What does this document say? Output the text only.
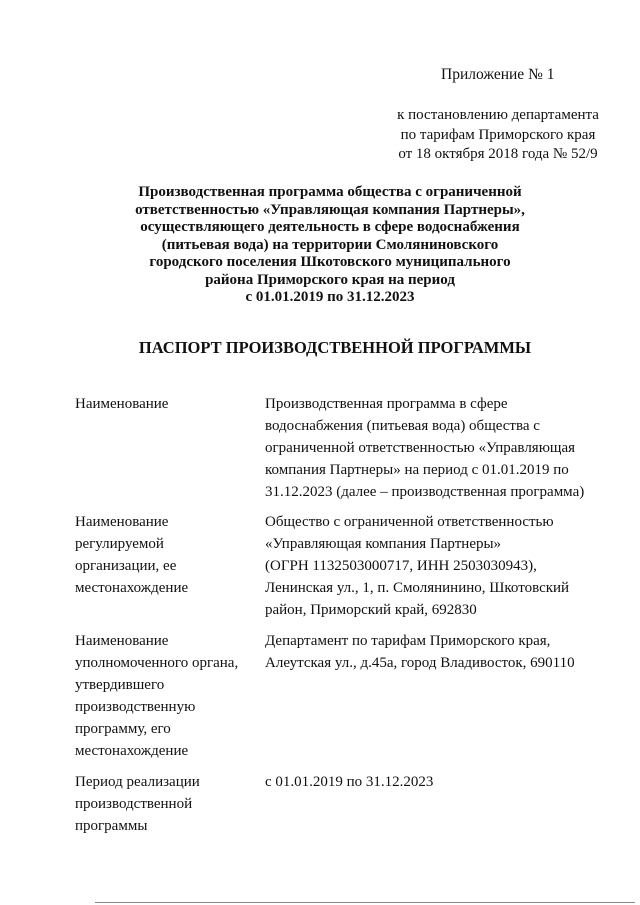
Приложение № 1
к постановлению департамента
по тарифам Приморского края
от 18 октября 2018 года № 52/9
Производственная программа общества с ограниченной
ответственностью «Управляющая компания Партнеры»,
осуществляющего деятельность в сфере водоснабжения
(питьевая вода) на территории Смоляниновского
городского поселения Шкотовского муниципального
района Приморского края на период
с 01.01.2019 по 31.12.2023
ПАСПОРТ ПРОИЗВОДСТВЕННОЙ ПРОГРАММЫ
Наименование	Производственная программа в сфере
водоснабжения (питьевая вода) общества с
ограниченной ответственностью «Управляющая
компания Партнеры» на период с 01.01.2019 по
31.12.2023 (далее – производственная программа)
Наименование
регулируемой
организации, ее
местонахождение
Общество с ограниченной ответственностью
«Управляющая компания Партнеры»
(ОГРН 1132503000717, ИНН 2503030943),
Ленинская ул., 1, п. Смолянинино, Шкотовский
район, Приморский край, 692830
Наименование
уполномоченного органа,
утвердившего
производственную
программу, его
местонахождение
Департамент по тарифам Приморского края,
Алеутская ул., д.45а, город Владивосток, 690110
Период реализации
производственной
программы
с 01.01.2019 по 31.12.2023
